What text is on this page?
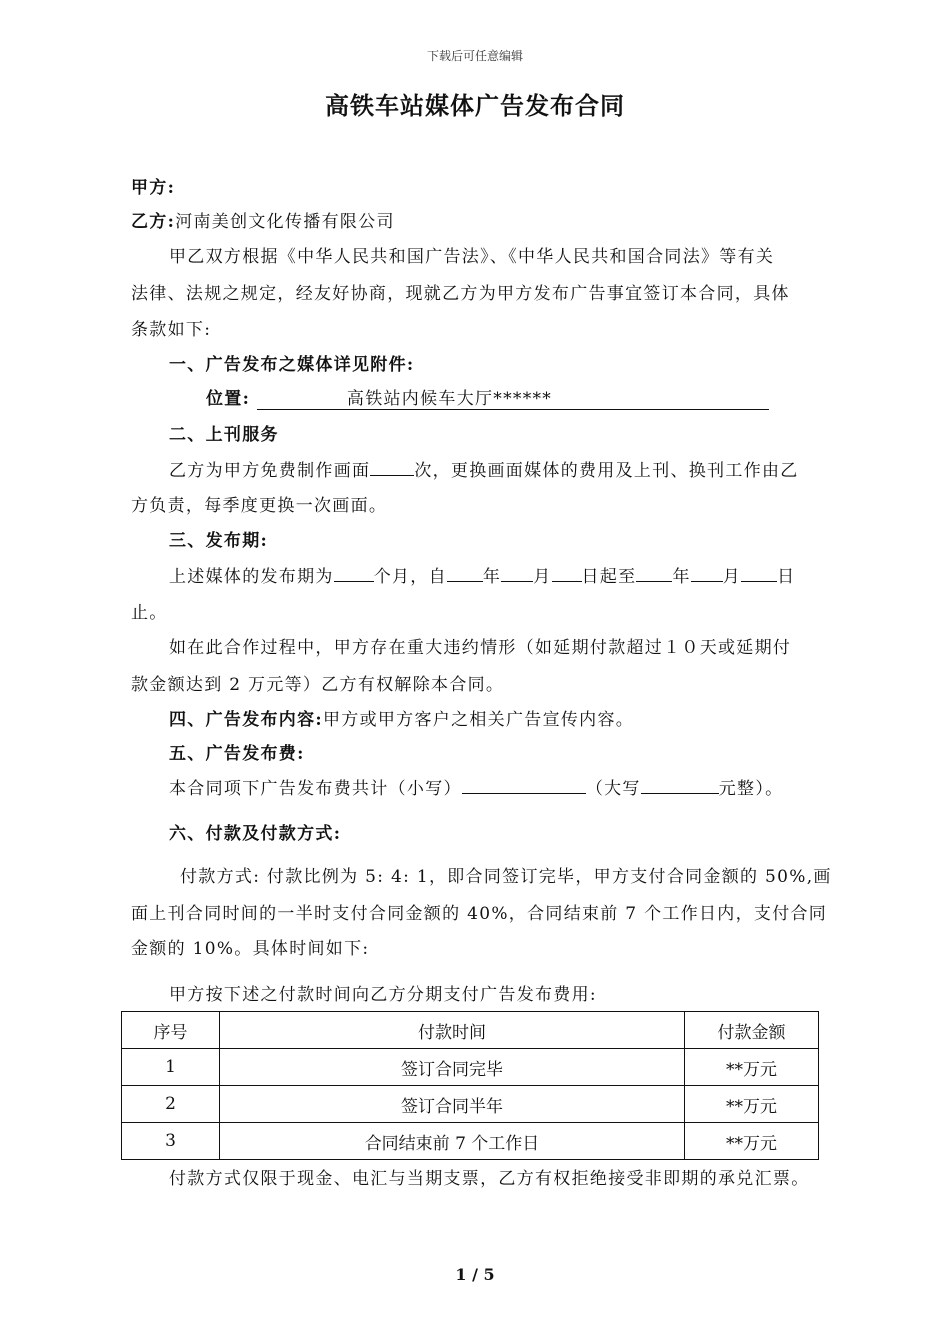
下载后可任意编辑
高铁车站媒体广告发布合同
甲方:
乙方:河南美创文化传播有限公司
甲乙双方根据《中华人民共和国广告法》、《中华人民共和国合同法》等有关
法律、法规之规定，经友好协商，现就乙方为甲方发布广告事宜签订本合同，具体
条款如下:
一、广告发布之媒体详见附件:
位置:	高铁站内候车大厅******
二、上刊服务
乙方为甲方免费制作画面	次，更换画面媒体的费用及上刊、换刊工作由乙
方负责，每季度更换一次画面。
三、发布期:
上述媒体的发布期为 个月，自 年 月 日起至 年 月 日
止。
如在此合作过程中，甲方存在重大违约情形（如延期付款超过１０天或延期付
款金额达到 2 万元等）乙方有权解除本合同。
四、广告发布内容:甲方或甲方客户之相关广告宣传内容。
五、广告发布费:
本合同项下广告发布费共计（小写）	（大写	元整）。
六、付款及付款方式:
付款方式: 付款比例为 5: 4: 1，即合同签订完毕，甲方支付合同金额的 50%,画
面上刊合同时间的一半时支付合同金额的 40%，合同结束前 7 个工作日内，支付合同
金额的 10%。具体时间如下:
甲方按下述之付款时间向乙方分期支付广告发布费用:
序号	付款时间	付款金额
1	签订合同完毕	**万元
2	签订合同半年	**万元
3	合同结束前 7 个工作日	**万元
付款方式仅限于现金、电汇与当期支票，乙方有权拒绝接受非即期的承兑汇票。
1 / 5
